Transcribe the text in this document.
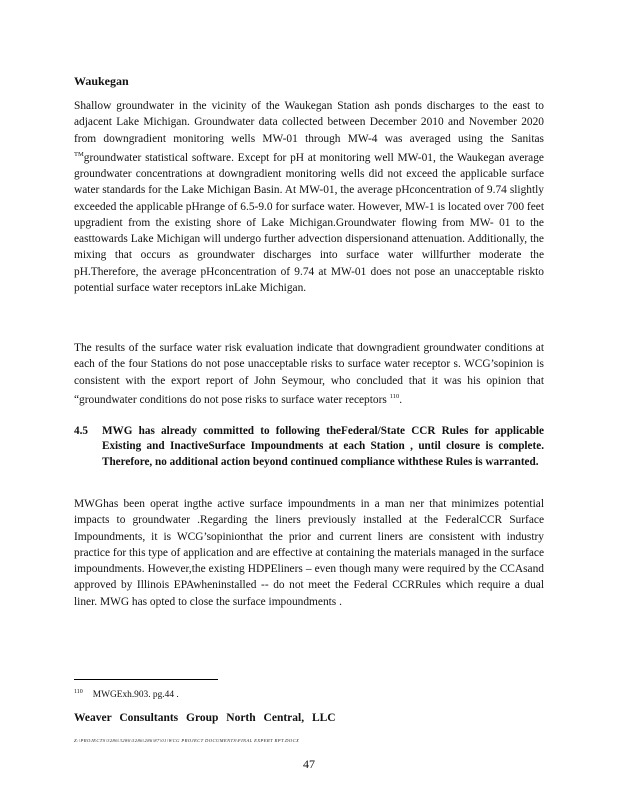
Waukegan

Shallow groundwater in the vicinity of the Waukegan Station ash ponds discharges to the east to adjacent Lake Michigan. Groundwater data collected between December 2010 and November 2020 from downgradient monitoring wells MW-01 through MW-4 was averaged using the Sanitas ™groundwater statistical software. Except for pH at monitoring well MW-01, the Waukegan average groundwater concentrations at downgradient monitoring wells did not exceed the applicable surface water standards for the Lake Michigan Basin. At MW-01, the average pHconcentration of 9.74 slightly exceeded the applicable pHrange of 6.5-9.0 for surface water. However, MW-1 is located over 700 feet upgradient from the existing shore of Lake Michigan.Groundwater flowing from MW- 01 to the easttowards Lake Michigan will undergo further advection dispersionand attenuation. Additionally, the mixing that occurs as groundwater discharges into surface water willfurther moderate the pH.Therefore, the average pHconcentration of 9.74 at MW-01 does not pose an unacceptable riskto potential surface water receptors inLake Michigan.

The results of the surface water risk evaluation indicate that downgradient groundwater conditions at each of the four Stations do not pose unacceptable risks to surface water receptor s. WCG’sopinion is consistent with the export report of John Seymour, who concluded that it was his opinion that “groundwater conditions do not pose risks to surface water receptors $^{110}$.

4.5 MWG has already committed to following theFederal/State CCR Rules for applicable Existing and InactiveSurface Impoundments at each Station , until closure is complete. Therefore, no additional action beyond continued compliance withthese Rules is warranted.

MWGhas been operat ingthe active surface impoundments in a man ner that minimizes potential impacts to groundwater .Regarding the liners previously installed at the FederalCCR Surface Impoundments, it is WCG’sopinionthat the prior and current liners are consistent with industry practice for this type of application and are effective at containing the materials managed in the surface impoundments. However,the existing HDPEliners – even though many were required by the CCAsand approved by Illinois EPAwheninstalled -- do not meet the Federal CCRRules which require a dual liner. MWG has opted to close the surface impoundments .

$^{110}$ MWGExh.903. pg.44 .
Weaver Consultants Group North Central, LLC
Z:\PROJECTS\3286\3286\3286\286\87\01\WCG PROJECT DOCUMENTS\FINAL EXPERT RPT.DOCX
47
